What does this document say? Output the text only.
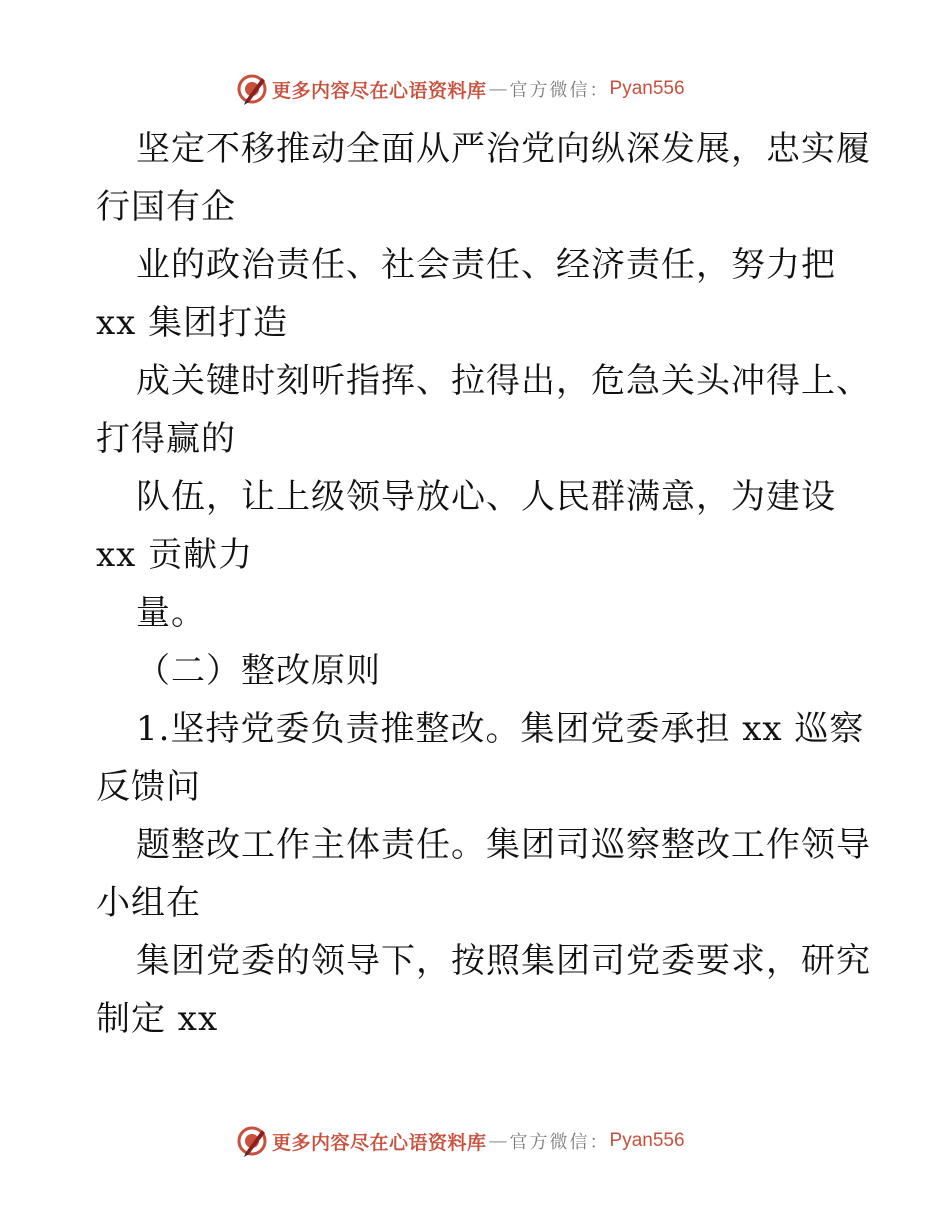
更多内容尽在心语资料库 — 官方微信： Pyan556
坚定不移推动全面从严治党向纵深发展，忠实履
行国有企
业的政治责任、社会责任、经济责任，努力把
xx 集团打造
成关键时刻听指挥、拉得出，危急关头冲得上、
打得赢的
队伍，让上级领导放心、人民群满意，为建设
xx 贡献力
量。
（二）整改原则
1.坚持党委负责推整改。集团党委承担 xx 巡察
反馈问
题整改工作主体责任。集团司巡察整改工作领导
小组在
集团党委的领导下，按照集团司党委要求，研究
制定 xx
更多内容尽在心语资料库 — 官方微信： Pyan556
